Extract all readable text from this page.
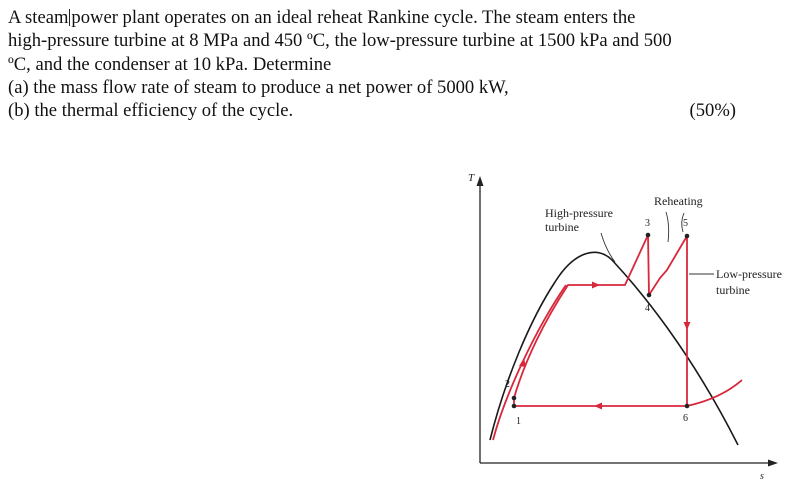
A steam power plant operates on an ideal reheat Rankine cycle. The steam enters the
high-pressure turbine at 8 MPa and 450 ºC, the low-pressure turbine at 1500 kPa and 500
ºC, and the condenser at 10 kPa. Determine
(a) the mass flow rate of steam to produce a net power of 5000 kW,
(b) the thermal efficiency of the cycle.	(50%)
T
s
1
2
3
4
5
6
High-pressure
turbine
Reheating
Low-pressure
turbine
